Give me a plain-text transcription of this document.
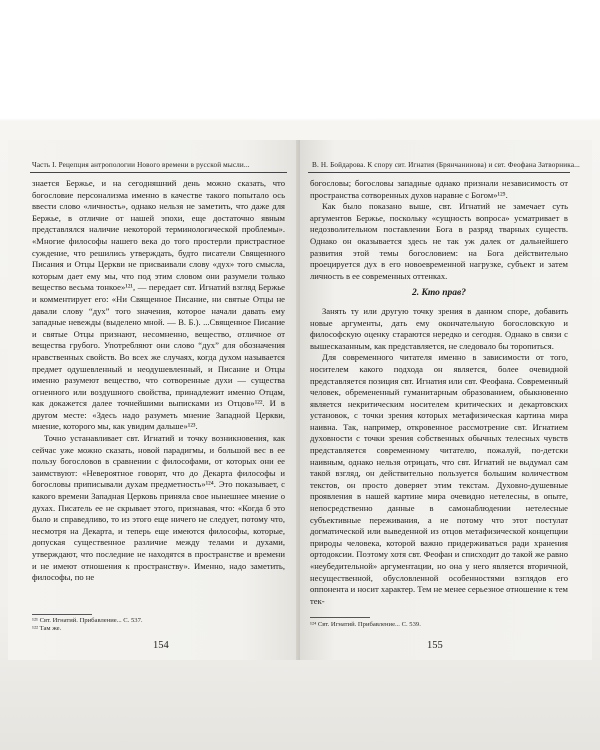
Часть I. Рецепция антропологии Нового времени в русской мысли...	В. Н. Бойдарова. К спору свт. Игнатия (Брянчанинова) и свт. Феофана Затворника...

знается Бержье, и на сегодняшний день можно сказать, что богословие персонализма именно в качестве такого попытало ось ввести слово «личность», однако нельзя не заметить, что даже для Бержье, в отличие от нашей эпохи, еще достаточно явным представлялся наличие некоторой терминологической проблемы». «Многие философы нашего века до того простерли пристрастное суждение, что решились утверждать, будто писатели Священного Писания и Отцы Церкви не присваивали слову «дух» того смысла, которым дает ему мы, что под этим словом они разумели только вещество весьма тонкое»¹²¹, — передает свт. Игнатий взгляд Бержье и комментирует его: «Ни Священное Писание, ни святые Отцы не давали слову “дух” того значения, которое начали давать ему западные невежды (выделено мной. — В. Б.). ...Священное Писание и святые Отцы признают, несомненно, вещество, отличное от вещества грубого. Употребляют они слово “дух” для обозначения нравственных свойств. Во всех же случаях, когда духом называется предмет одушевленный и неодушевленный, и Писание и Отцы именно разумеют вещество, что сотворенные духи — существа огненного или воздушного свойства, принадлежит именно Отцам, как докажется далее точнейшими выписками из Отцов»¹²². И в другом месте: «Здесь надо разуметь мнение Западной Церкви, мнение, которого мы, как увидим дальше»¹²³.

Точно устанавливает свт. Игнатий и точку возникновения, как сейчас уже можно сказать, новой парадигмы, и большой вес в ее пользу богословов в сравнении с философами, от которых они ее заимствуют: «Невероятное говорят, что до Декарта философы и богословы приписывали духам предметность»¹²⁴. Это показывает, с какого времени Западная Церковь приняла свое нынешнее мнение о духах. Писатель ее не скрывает этого, признавая, что: «Когда б это было и справедливо, то из этого еще ничего не следует, потому что, несмотря на Декарта, и теперь еще имеются философы, которые, допуская существенное различие между телами и духами, утверждают, что последние не находятся в пространстве и времени и не имеют отношения к пространству». Именно, надо заметить, философы, по не

¹²¹ Свт. Игнатий. Прибавление... С. 537.
¹²² Там же.
154

богословы; богословы западные однако признали независимость от пространства сотворенных духов наравне с Богом»¹²⁵.

Как было показано выше, свт. Игнатий не замечает суть аргументов Бержье, поскольку «сущность вопроса» усматривает в недозволительном поставлении Бога в разряд тварных существ. Однако он оказывается здесь не так уж далек от дальнейшего развития этой темы богословием: на Бога действительно проецируется дух в его новоевременной нагрузке, субъект и затем личность в ее современных оттенках.

2. Кто прав?

Занять ту или другую точку зрения в данном споре, добавить новые аргументы, дать ему окончательную богословскую и философскую оценку стараются нередко и сегодня. Однако в связи с вышесказанным, как представляется, не следовало бы торопиться.

Для современного читателя именно в зависимости от того, носителем какого подхода он является, более очевидной представляется позиция свт. Игнатия или свт. Феофана. Современный человек, обремененный гуманитарным образованием, обыкновенно является некритическим носителем критических и декартовских установок, с точки зрения которых метафизическая картина мира наивна. Так, например, откровенное рассмотрение свт. Игнатием духовности с точки зрения собственных обычных телесных чувств представляется современному читателю, пожалуй, по-детски наивным, однако нельзя отрицать, что свт. Игнатий не выдумал сам такой взгляд, он действительно пользуется большим количеством текстов, он просто доверяет этим текстам. Духовно-душевные проявления в нашей картине мира очевидно нетелесны, в опыте, непосредственно данные в самонаблюдении нетелесные субъективные переживания, а не потому что этот постулат догматической или выведенной из отцов метафизической концепции природы человека, которой важно придерживаться ради хранения ортодоксии. Поэтому хотя свт. Феофан и списходит до такой же равно «неубедительной» аргументации, но она у него является вторичной, несущественной, обусловленной особенностями взглядов его оппонента и носит характер. Тем не менее серьезное отношение к тем тек-

¹²⁴ Свт. Игнатий. Прибавление... С. 539.
155
